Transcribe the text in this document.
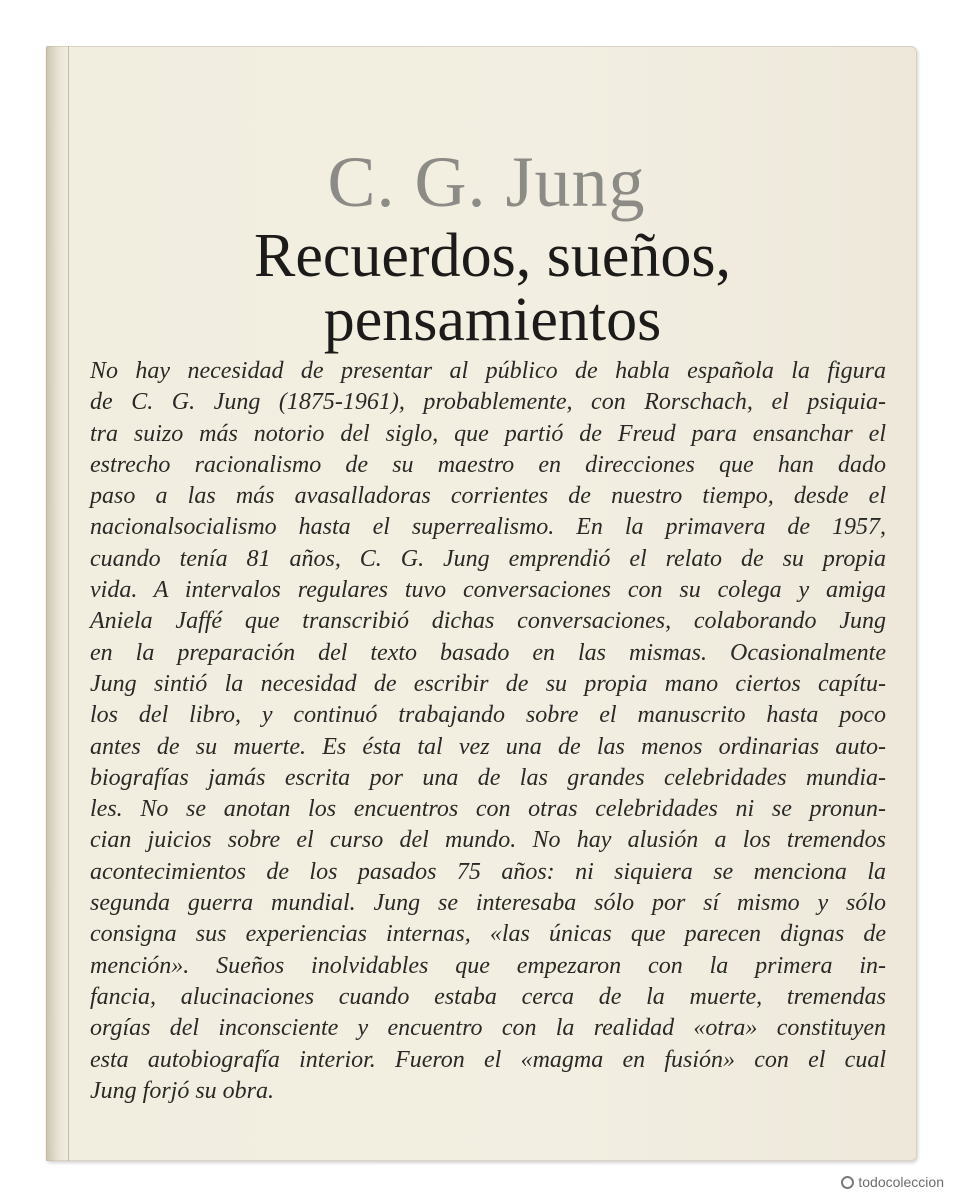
C. G. Jung
Recuerdos, sueños,
pensamientos
No hay necesidad de presentar al público de habla española la figura
de C. G. Jung (1875-1961), probablemente, con Rorschach, el psiquia-
tra suizo más notorio del siglo, que partió de Freud para ensanchar el
estrecho racionalismo de su maestro en direcciones que han dado
paso a las más avasalladoras corrientes de nuestro tiempo, desde el
nacionalsocialismo hasta el superrealismo. En la primavera de 1957,
cuando tenía 81 años, C. G. Jung emprendió el relato de su propia
vida. A intervalos regulares tuvo conversaciones con su colega y amiga
Aniela Jaffé que transcribió dichas conversaciones, colaborando Jung
en la preparación del texto basado en las mismas. Ocasionalmente
Jung sintió la necesidad de escribir de su propia mano ciertos capítu-
los del libro, y continuó trabajando sobre el manuscrito hasta poco
antes de su muerte. Es ésta tal vez una de las menos ordinarias auto-
biografías jamás escrita por una de las grandes celebridades mundia-
les. No se anotan los encuentros con otras celebridades ni se pronun-
cian juicios sobre el curso del mundo. No hay alusión a los tremendos
acontecimientos de los pasados 75 años: ni siquiera se menciona la
segunda guerra mundial. Jung se interesaba sólo por sí mismo y sólo
consigna sus experiencias internas, «las únicas que parecen dignas de
mención». Sueños inolvidables que empezaron con la primera in-
fancia, alucinaciones cuando estaba cerca de la muerte, tremendas
orgías del inconsciente y encuentro con la realidad «otra» constituyen
esta autobiografía interior. Fueron el «magma en fusión» con el cual
Jung forjó su obra.
todocoleccion
